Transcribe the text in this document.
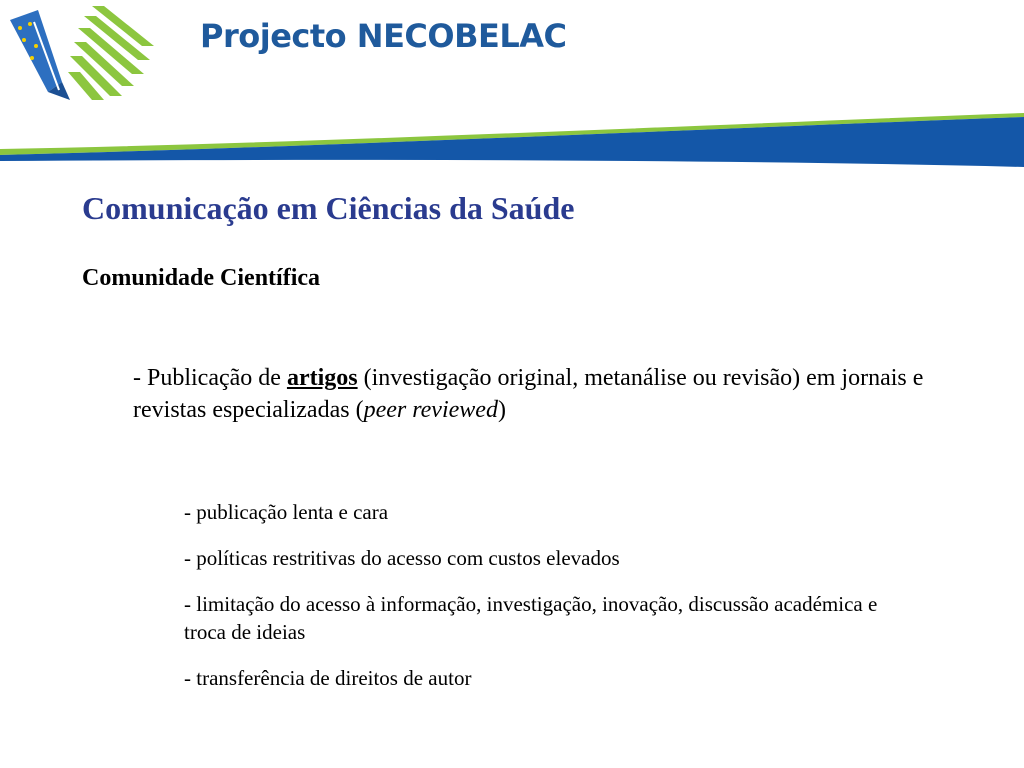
Projecto NECOBELAC
Comunicação em Ciências da Saúde
Comunidade Científica

- Publicação de artigos (investigação original, metanálise ou revisão) em jornais e revistas especializadas (peer reviewed)

- publicação lenta e cara
- políticas restritivas do acesso com custos elevados
- limitação do acesso à informação, investigação, inovação, discussão académica e troca de ideias
- transferência de direitos de autor
